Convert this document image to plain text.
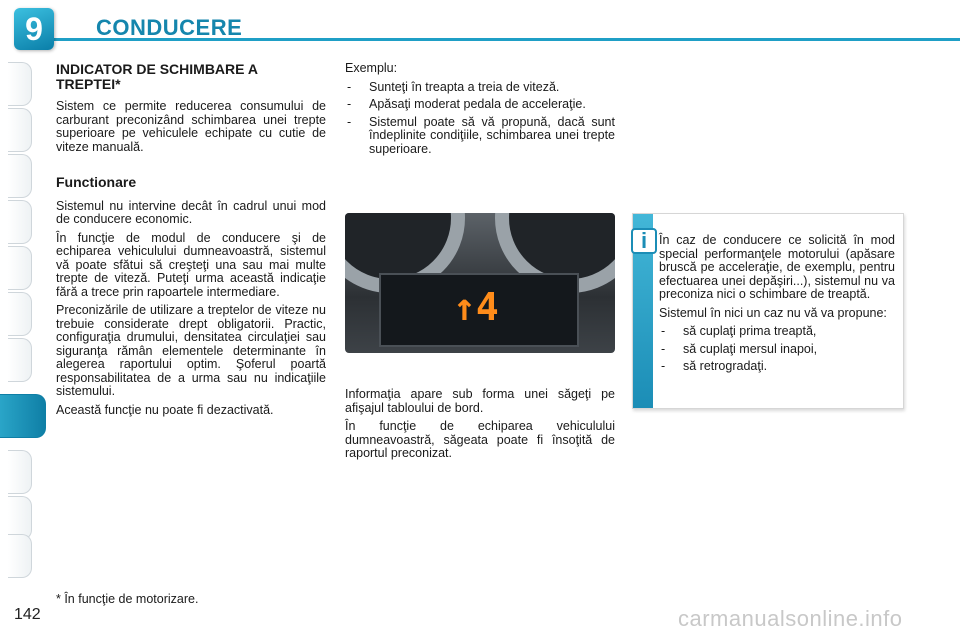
9	CONDUCERE
INDICATOR DE SCHIMBARE A TREPTEI*

Sistem ce permite reducerea consumului de carburant preconizând schimbarea unei trepte superioare pe vehiculele echipate cu cutie de viteze manuală.

Functionare

Sistemul nu intervine decât în cadrul unui mod de conducere economic.

În funcţie de modul de conducere şi de echiparea vehiculului dumneavoastră, sistemul vă poate sfătui să creşteţi una sau mai multe trepte de viteză. Puteţi urma această indicaţie fără a trece prin rapoartele intermediare.

Preconizările de utilizare a treptelor de viteze nu trebuie considerate drept obligatorii. Practic, configuraţia drumului, densitatea circulaţiei sau siguranţa rămân elementele determinante în alegerea raportului optim. Şoferul poartă responsabilitatea de a urma sau nu indicaţiile sistemului.

Această funcţie nu poate fi dezactivată.

Exemplu:

- Sunteţi în treapta a treia de viteză.
- Apăsaţi moderat pedala de acceleraţie.
- Sistemul poate să vă propună, dacă sunt îndeplinite condiţiile, schimbarea unei trepte superioare.
↑4

Informaţia apare sub forma unei săgeţi pe afişajul tabloului de bord.

În funcţie de echiparea vehiculului dumneavoastră, săgeata poate fi însoţită de raportul preconizat.

i În caz de conducere ce solicită în mod special performanţele motorului (apăsare bruscă pe acceleraţie, de exemplu, pentru efectuarea unei depăşiri...), sistemul nu va preconiza nici o schimbare de treaptă.

Sistemul în nici un caz nu vă va propune:

- să cuplaţi prima treaptă,
- să cuplaţi mersul inapoi,
- să retrogradaţi.
* În funcţie de motorizare.
142	carmanualsonline.info
